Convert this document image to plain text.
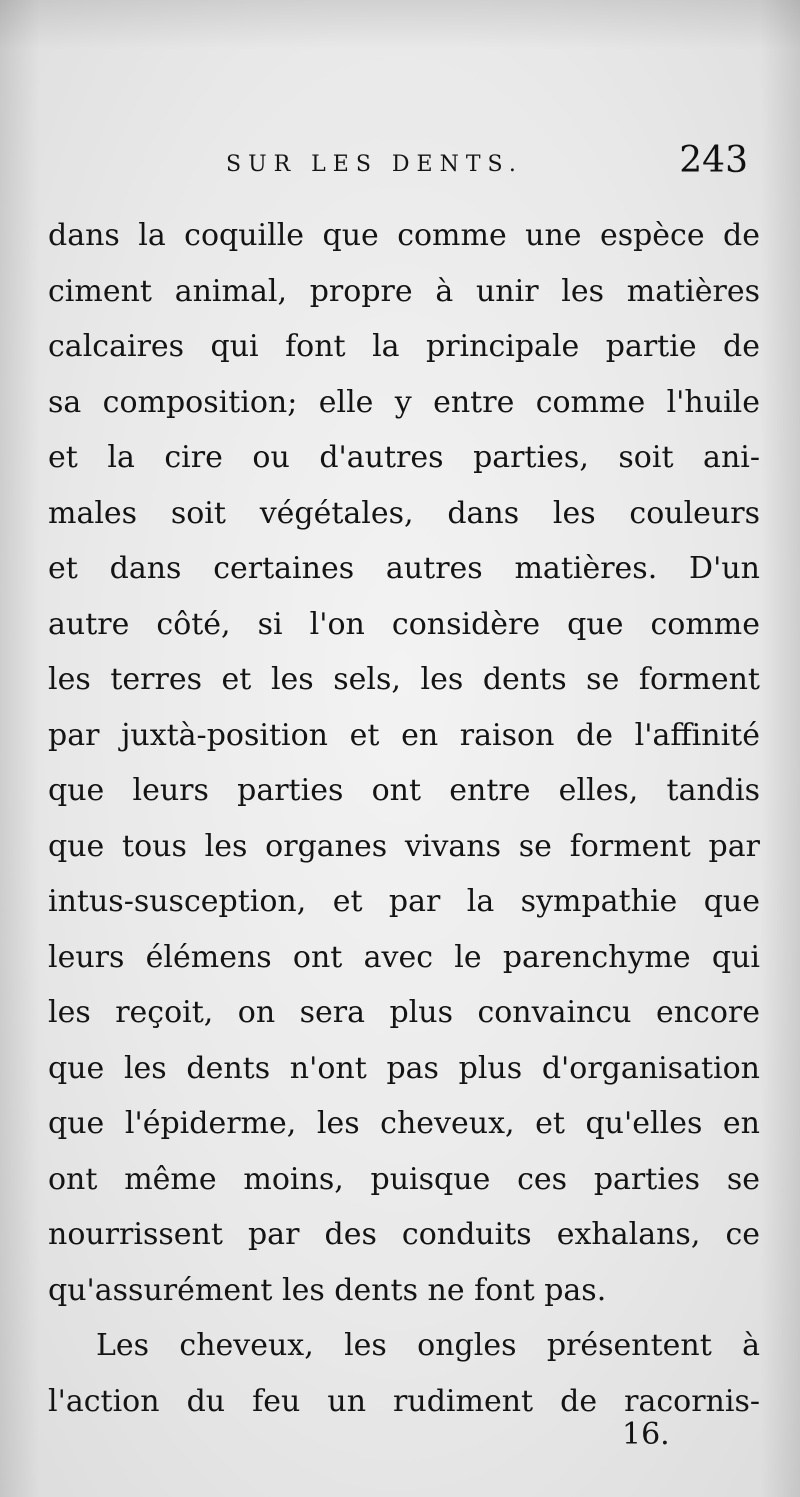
SUR LES DENTS.	243
dans la coquille que comme une espèce de
ciment animal, propre à unir les matières
calcaires qui font la principale partie de
sa composition; elle y entre comme l'huile
et la cire ou d'autres parties, soit ani-
males soit végétales, dans les couleurs
et dans certaines autres matières. D'un
autre côté, si l'on considère que comme
les terres et les sels, les dents se forment
par juxtà-position et en raison de l'affinité
que leurs parties ont entre elles, tandis
que tous les organes vivans se forment par
intus-susception, et par la sympathie que
leurs élémens ont avec le parenchyme qui
les reçoit, on sera plus convaincu encore
que les dents n'ont pas plus d'organisation
que l'épiderme, les cheveux, et qu'elles en
ont même moins, puisque ces parties se
nourrissent par des conduits exhalans, ce
qu'assurément les dents ne font pas.
Les cheveux, les ongles présentent à
l'action du feu un rudiment de racornis-
16.
